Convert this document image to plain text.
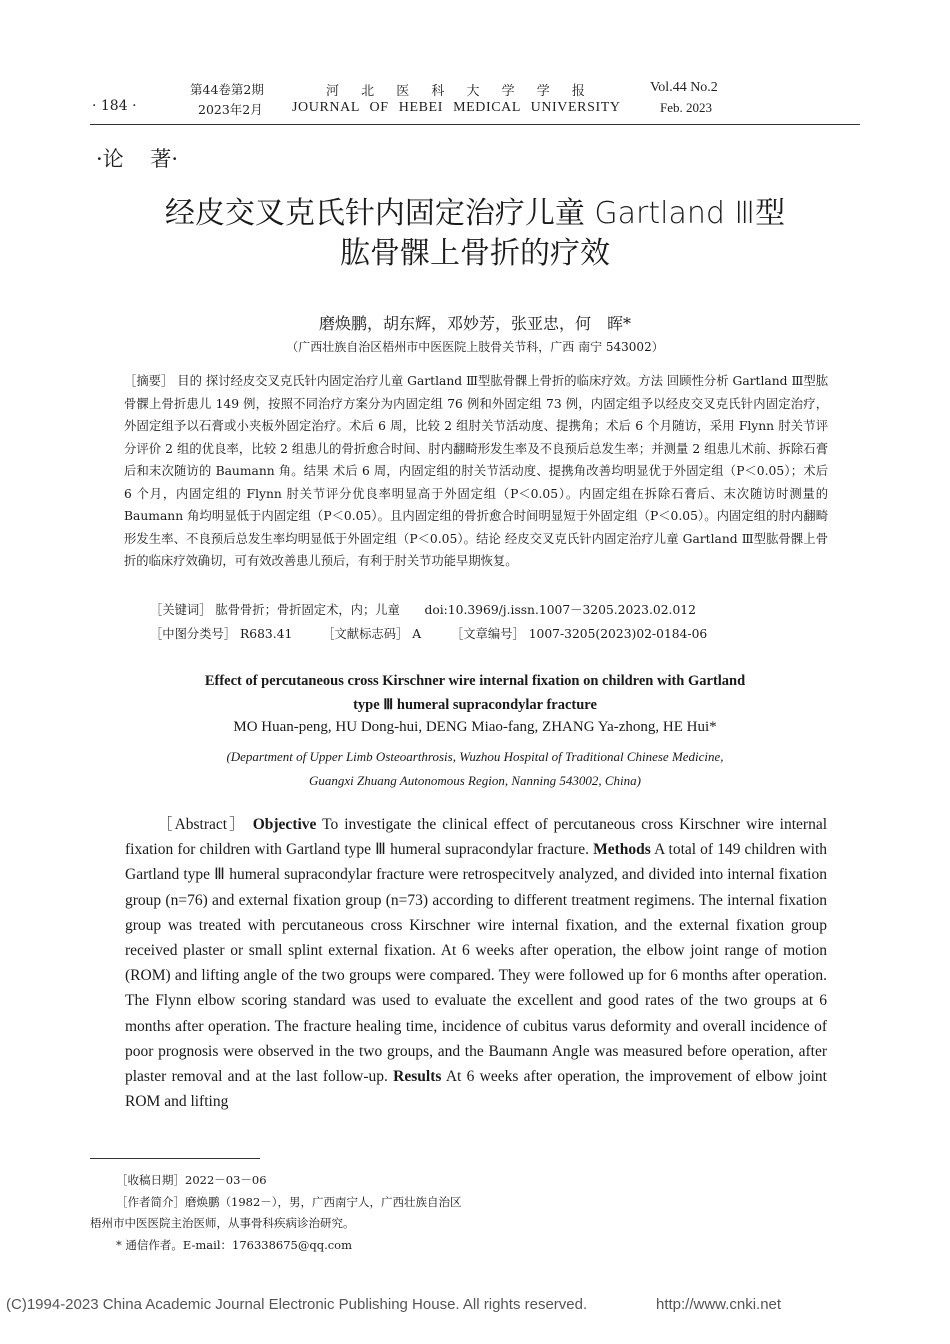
· 184 ·
第44卷第2期
2023年2月
河 北 医 科 大 学 学 报
JOURNAL OF HEBEI MEDICAL UNIVERSITY
Vol.44 No.2
Feb. 2023
·论    著·
经皮交叉克氏针内固定治疗儿童 Gartland Ⅲ型
肱骨髁上骨折的疗效
磨焕鹏，胡东辉，邓妙芳，张亚忠，何　晖*
（广西壮族自治区梧州市中医医院上肢骨关节科，广西 南宁 543002）
［摘要］ 目的 探讨经皮交叉克氏针内固定治疗儿童 Gartland Ⅲ型肱骨髁上骨折的临床疗效。方法 回顾性分析 Gartland Ⅲ型肱骨髁上骨折患儿 149 例，按照不同治疗方案分为内固定组 76 例和外固定组 73 例，内固定组予以经皮交叉克氏针内固定治疗，外固定组予以石膏或小夹板外固定治疗。术后 6 周，比较 2 组肘关节活动度、提携角；术后 6 个月随访，采用 Flynn 肘关节评分评价 2 组的优良率，比较 2 组患儿的骨折愈合时间、肘内翻畸形发生率及不良预后总发生率；并测量 2 组患儿术前、拆除石膏后和末次随访的 Baumann 角。结果 术后 6 周，内固定组的肘关节活动度、提携角改善均明显优于外固定组（P＜0.05）；术后 6 个月，内固定组的 Flynn 肘关节评分优良率明显高于外固定组（P＜0.05）。内固定组在拆除石膏后、末次随访时测量的 Baumann 角均明显低于内固定组（P＜0.05）。且内固定组的骨折愈合时间明显短于外固定组（P＜0.05）。内固定组的肘内翻畸形发生率、不良预后总发生率均明显低于外固定组（P＜0.05）。结论 经皮交叉克氏针内固定治疗儿童 Gartland Ⅲ型肱骨髁上骨折的临床疗效确切，可有效改善患儿预后，有利于肘关节功能早期恢复。
［关键词］ 肱骨骨折；骨折固定术，内；儿童　　doi:10.3969/j.issn.1007－3205.2023.02.012
［中图分类号］ R683.41 ［文献标志码］ A ［文章编号］ 1007-3205(2023)02-0184-06
Effect of percutaneous cross Kirschner wire internal fixation on children with Gartland
type Ⅲ humeral supracondylar fracture
MO Huan-peng, HU Dong-hui, DENG Miao-fang, ZHANG Ya-zhong, HE Hui*
(Department of Upper Limb Osteoarthrosis, Wuzhou Hospital of Traditional Chinese Medicine,
Guangxi Zhuang Autonomous Region, Nanning 543002, China)
［Abstract］ Objective To investigate the clinical effect of percutaneous cross Kirschner wire internal fixation for children with Gartland type Ⅲ humeral supracondylar fracture. Methods A total of 149 children with Gartland type Ⅲ humeral supracondylar fracture were retrospecitvely analyzed, and divided into internal fixation group (n=76) and external fixation group (n=73) according to different treatment regimens. The internal fixation group was treated with percutaneous cross Kirschner wire internal fixation, and the external fixation group received plaster or small splint external fixation. At 6 weeks after operation, the elbow joint range of motion (ROM) and lifting angle of the two groups were compared. They were followed up for 6 months after operation. The Flynn elbow scoring standard was used to evaluate the excellent and good rates of the two groups at 6 months after operation. The fracture healing time, incidence of cubitus varus deformity and overall incidence of poor prognosis were observed in the two groups, and the Baumann Angle was measured before operation, after plaster removal and at the last follow-up. Results At 6 weeks after operation, the improvement of elbow joint ROM and lifting
［收稿日期］2022－03－06
［作者简介］磨焕鹏（1982－），男，广西南宁人，广西壮族自治区
梧州市中医医院主治医师，从事骨科疾病诊治研究。
* 通信作者。E-mail：176338675@qq.com
(C)1994-2023 China Academic Journal Electronic Publishing House. All rights reserved.	http://www.cnki.net
